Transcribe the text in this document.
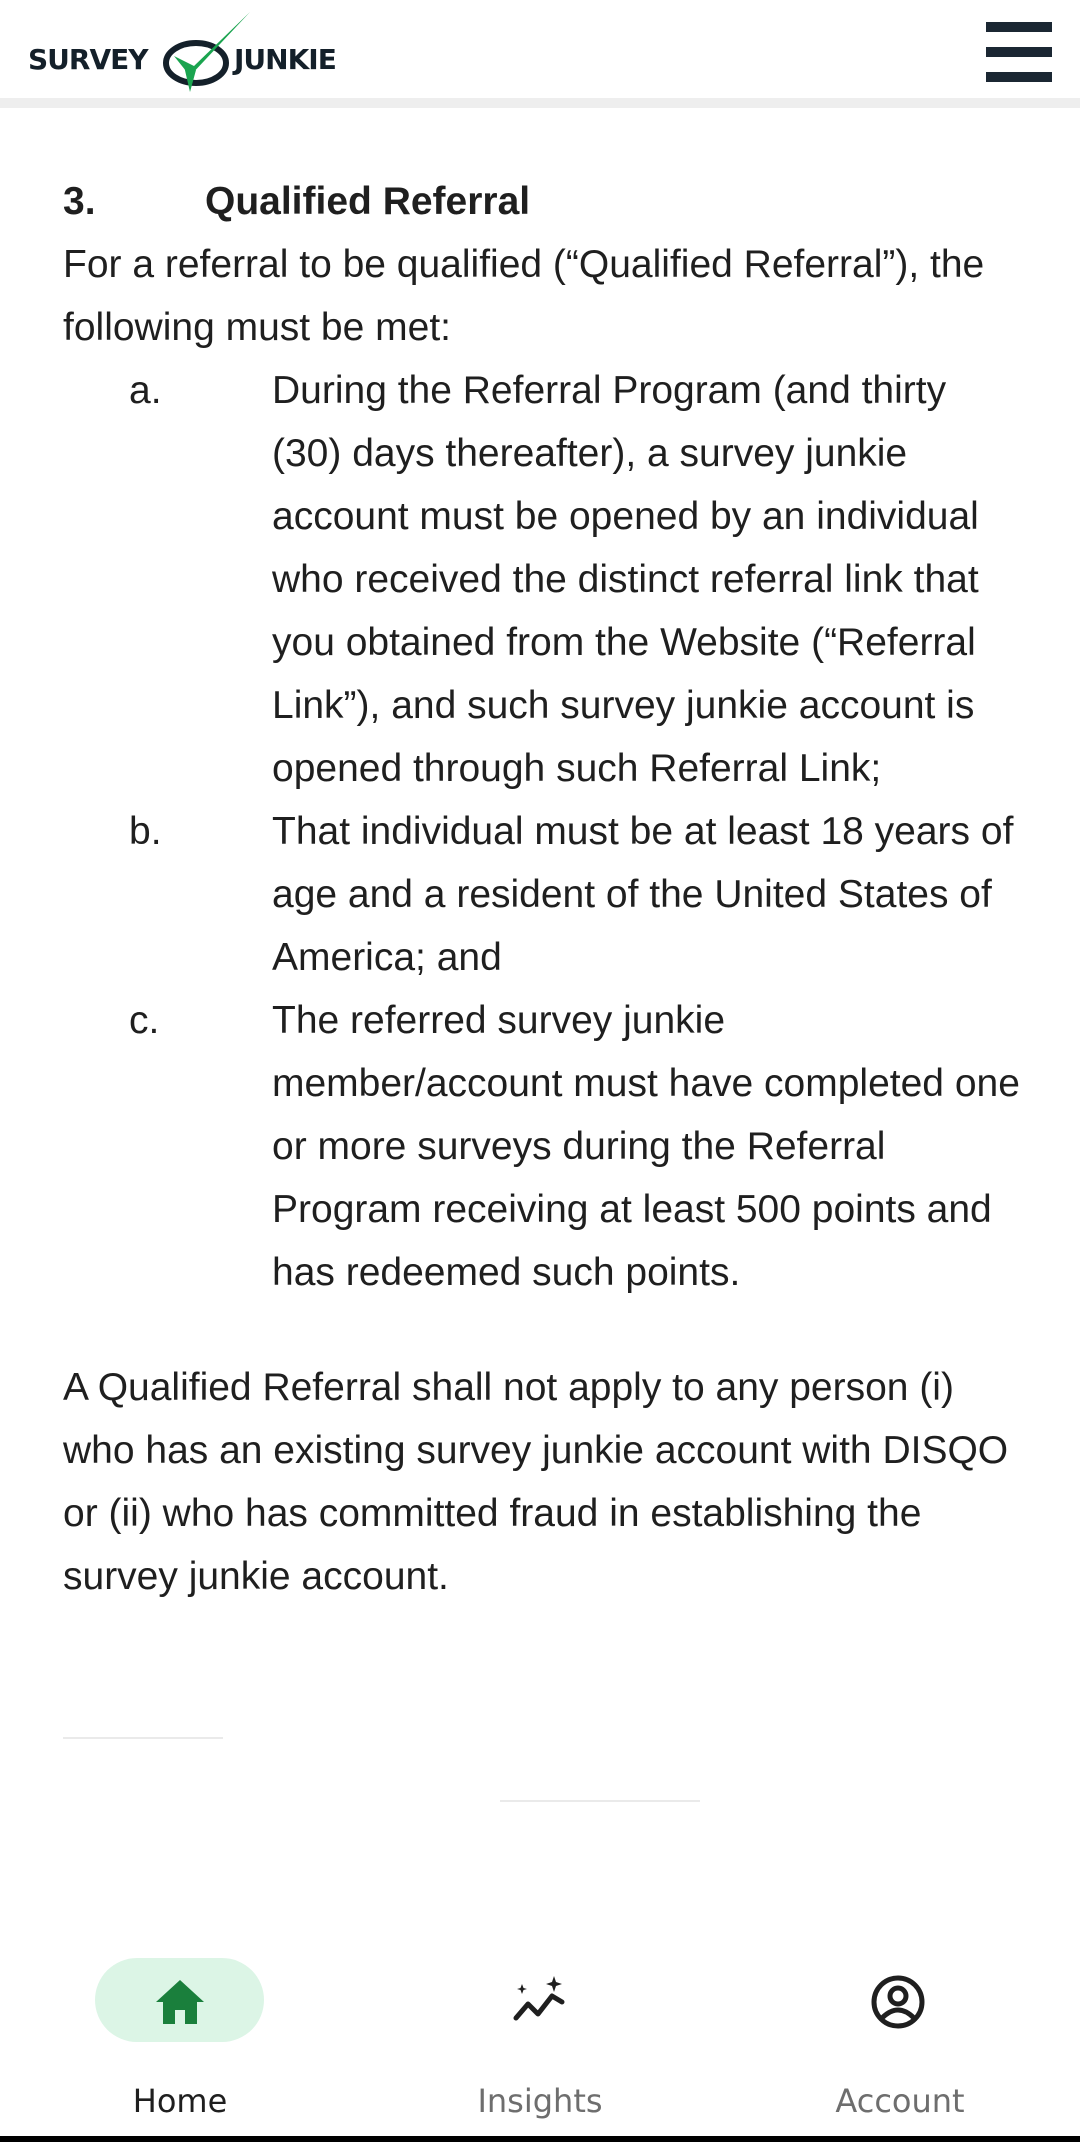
SURVEY	JUNKIE
3.	Qualified Referral

For a referral to be qualified (“Qualified Referral”), the following must be met:

a.	During the Referral Program (and thirty (30) days thereafter), a survey junkie account must be opened by an individual who received the distinct referral link that you obtained from the Website (“Referral Link”), and such survey junkie account is opened through such Referral Link;
b.	That individual must be at least 18 years of age and a resident of the United States of America; and
c.	The referred survey junkie member/account must have completed one or more surveys during the Referral Program receiving at least 500 points and has redeemed such points.

A Qualified Referral shall not apply to any person (i) who has an existing survey junkie account with DISQO or (ii) who has committed fraud in establishing the survey junkie account.

Home	Insights	Account
